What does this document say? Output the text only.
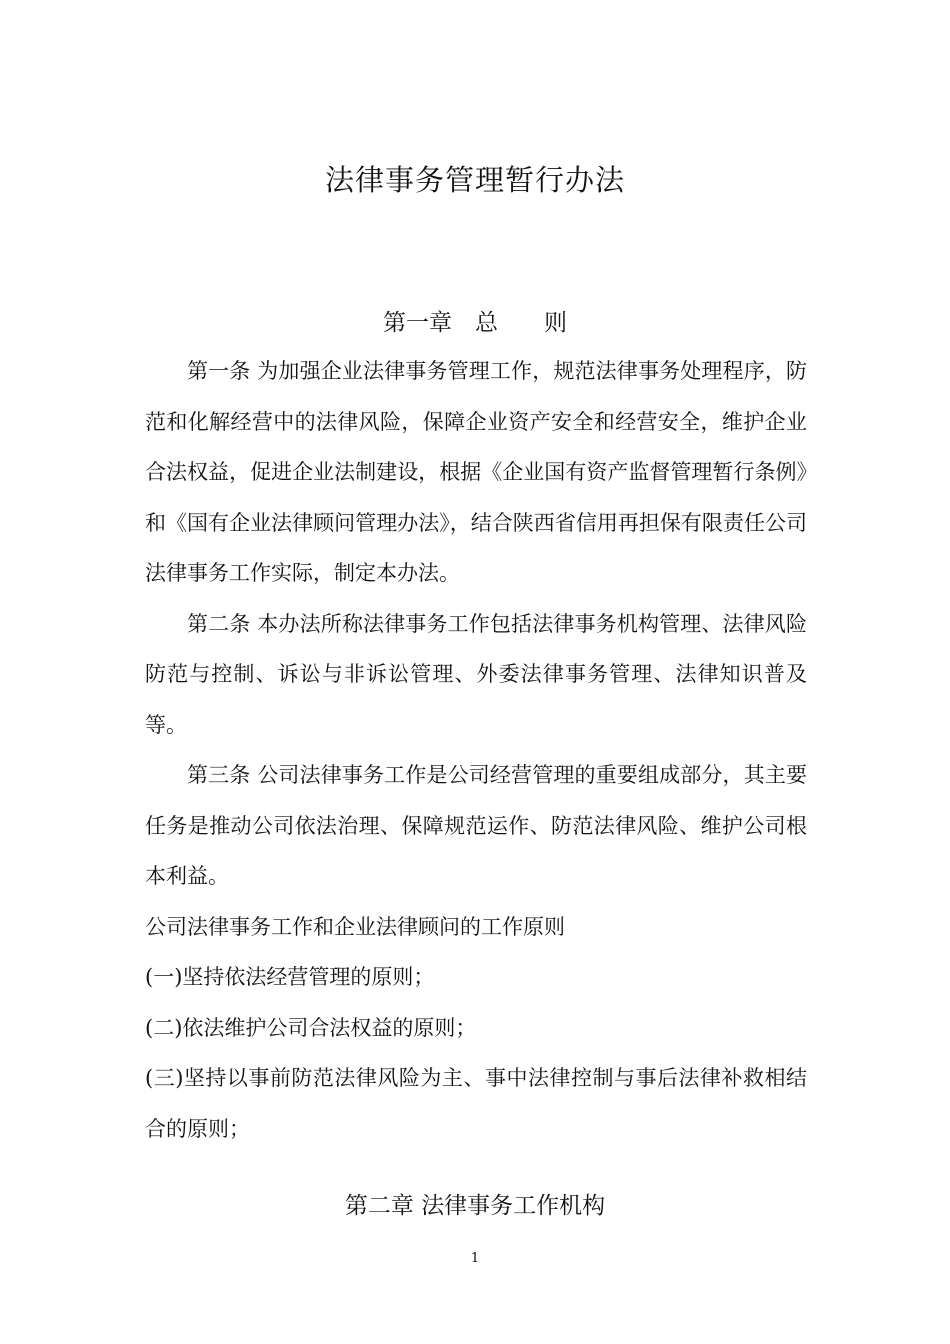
法律事务管理暂行办法
第一章　总　　则

第一条 为加强企业法律事务管理工作，规范法律事务处理程序，防范和化解经营中的法律风险，保障企业资产安全和经营安全，维护企业合法权益，促进企业法制建设，根据《企业国有资产监督管理暂行条例》和《国有企业法律顾问管理办法》，结合陕西省信用再担保有限责任公司法律事务工作实际，制定本办法。

第二条 本办法所称法律事务工作包括法律事务机构管理、法律风险防范与控制、诉讼与非诉讼管理、外委法律事务管理、法律知识普及等。

第三条 公司法律事务工作是公司经营管理的重要组成部分，其主要任务是推动公司依法治理、保障规范运作、防范法律风险、维护公司根本利益。

公司法律事务工作和企业法律顾问的工作原则

(一)坚持依法经营管理的原则；

(二)依法维护公司合法权益的原则；

(三)坚持以事前防范法律风险为主、事中法律控制与事后法律补救相结合的原则；

第二章 法律事务工作机构
1
